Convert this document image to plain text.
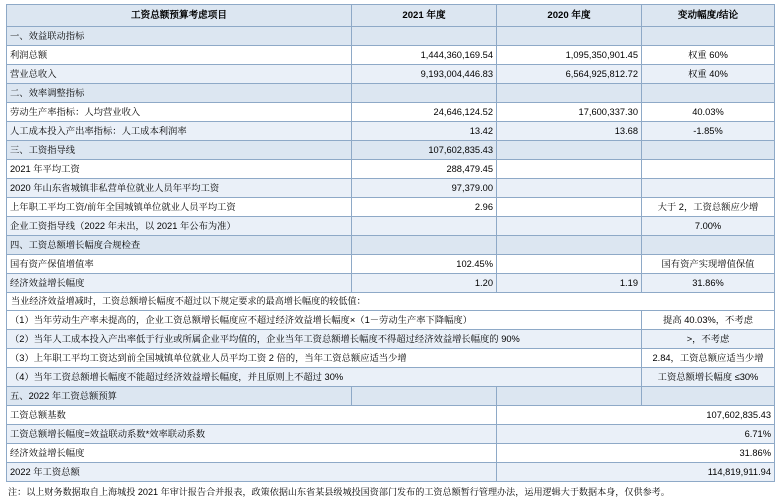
工资总额预算考虑项目	2021 年度	2020 年度	变动幅度/结论
一、效益联动指标			
利润总额	1,444,360,169.54	1,095,350,901.45	权重 60%
营业总收入	9,193,004,446.83	6,564,925,812.72	权重 40%
二、效率调整指标			
劳动生产率指标：人均营业收入	24,646,124.52	17,600,337.30	40.03%
人工成本投入产出率指标：人工成本利润率	13.42	13.68	-1.85%
三、工资指导线	107,602,835.43		
2021 年平均工资	288,479.45		
2020 年山东省城镇非私营单位就业人员年平均工资	97,379.00		
上年职工平均工资/前年全国城镇单位就业人员平均工资	2.96		大于 2，工资总额应少增
企业工资指导线（2022 年未出，以 2021 年公布为准）			7.00%
四、工资总额增长幅度合规检查			
国有资产保值增值率	102.45%		国有资产实现增值保值
经济效益增长幅度	1.20	1.19	31.86%
当业经济效益增减时，工资总额增长幅度不超过以下规定要求的最高增长幅度的较低值：			
（1）当年劳动生产率未提高的，企业工资总额增长幅度应不超过经济效益增长幅度×（1－劳动生产率下降幅度）			提高 40.03%，不考虑
（2）当年人工成本投入产出率低于行业或所属企业平均值的，企业当年工资总额增长幅度不得超过经济效益增长幅度的 90%			>，不考虑
（3）上年职工平均工资达到前全国城镇单位就业人员平均工资 2 倍的，当年工资总额应适当少增			2.84，工资总额应适当少增
（4）当年工资总额增长幅度不能超过经济效益增长幅度，并且原则上不超过 30%			工资总额增长幅度 ≤30%
五、2022 年工资总额预算			
工资总额基数		107,602,835.43	
工资总额增长幅度=效益联动系数*效率联动系数		6.71%	
经济效益增长幅度		31.86%	
2022 年工资总额		114,819,911.94	
注：以上财务数据取自上海城投 2021 年审计报告合并报表，政策依据山东省某县级城投国资部门发布的工资总额暂行管理办法，运用逻辑大于数据本身，仅供参考。
